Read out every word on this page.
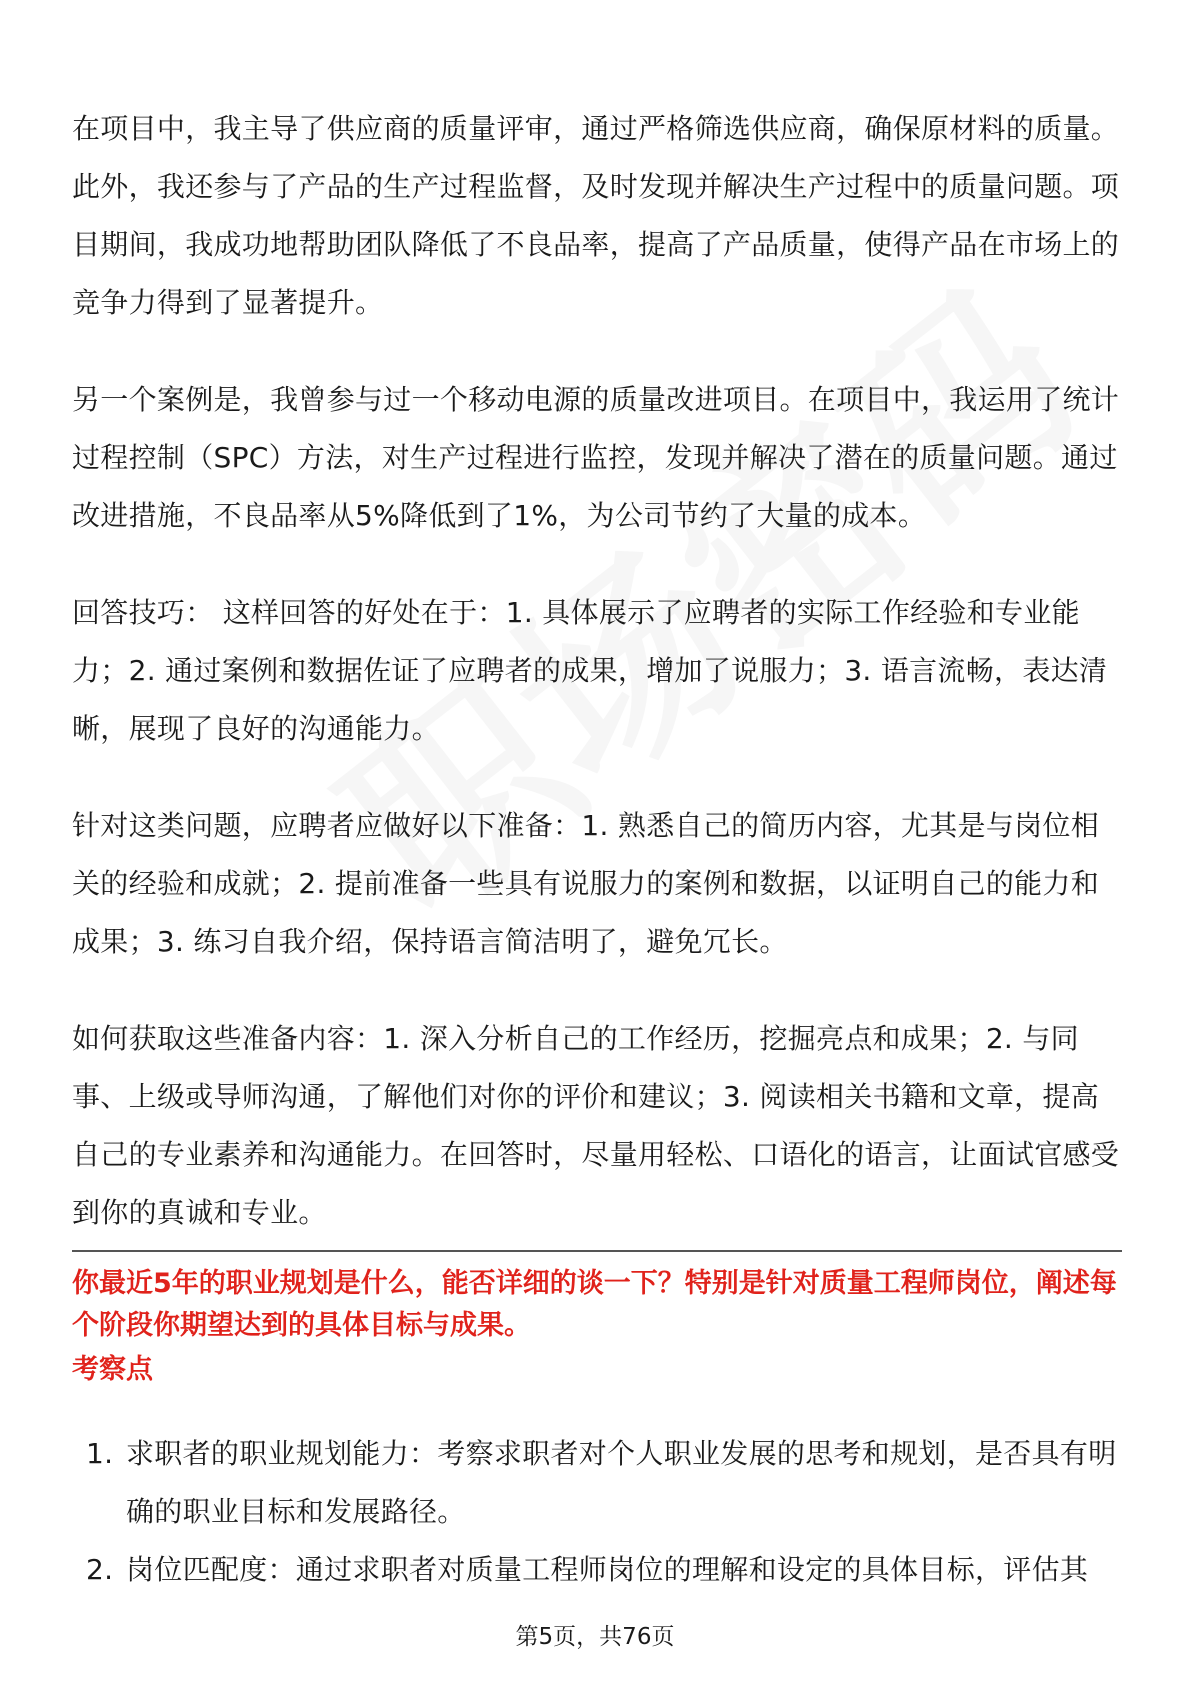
在项目中，我主导了供应商的质量评审，通过严格筛选供应商，确保原材料的质量。此外，我还参与了产品的生产过程监督，及时发现并解决生产过程中的质量问题。项目期间，我成功地帮助团队降低了不良品率，提高了产品质量，使得产品在市场上的竞争力得到了显著提升。

另一个案例是，我曾参与过一个移动电源的质量改进项目。在项目中，我运用了统计过程控制（SPC）方法，对生产过程进行监控，发现并解决了潜在的质量问题。通过改进措施，不良品率从5%降低到了1%，为公司节约了大量的成本。

回答技巧： 这样回答的好处在于：1. 具体展示了应聘者的实际工作经验和专业能力；2. 通过案例和数据佐证了应聘者的成果，增加了说服力；3. 语言流畅，表达清晰，展现了良好的沟通能力。

针对这类问题，应聘者应做好以下准备：1. 熟悉自己的简历内容，尤其是与岗位相关的经验和成就；2. 提前准备一些具有说服力的案例和数据，以证明自己的能力和成果；3. 练习自我介绍，保持语言简洁明了，避免冗长。

如何获取这些准备内容：1. 深入分析自己的工作经历，挖掘亮点和成果；2. 与同事、上级或导师沟通，了解他们对你的评价和建议；3. 阅读相关书籍和文章，提高自己的专业素养和沟通能力。在回答时，尽量用轻松、口语化的语言，让面试官感受到你的真诚和专业。

你最近5年的职业规划是什么，能否详细的谈一下？特别是针对质量工程师岗位，阐述每个阶段你期望达到的具体目标与成果。
考察点
1. 求职者的职业规划能力：考察求职者对个人职业发展的思考和规划，是否具有明确的职业目标和发展路径。
2. 岗位匹配度：通过求职者对质量工程师岗位的理解和设定的具体目标，评估其
第5页，共76页
